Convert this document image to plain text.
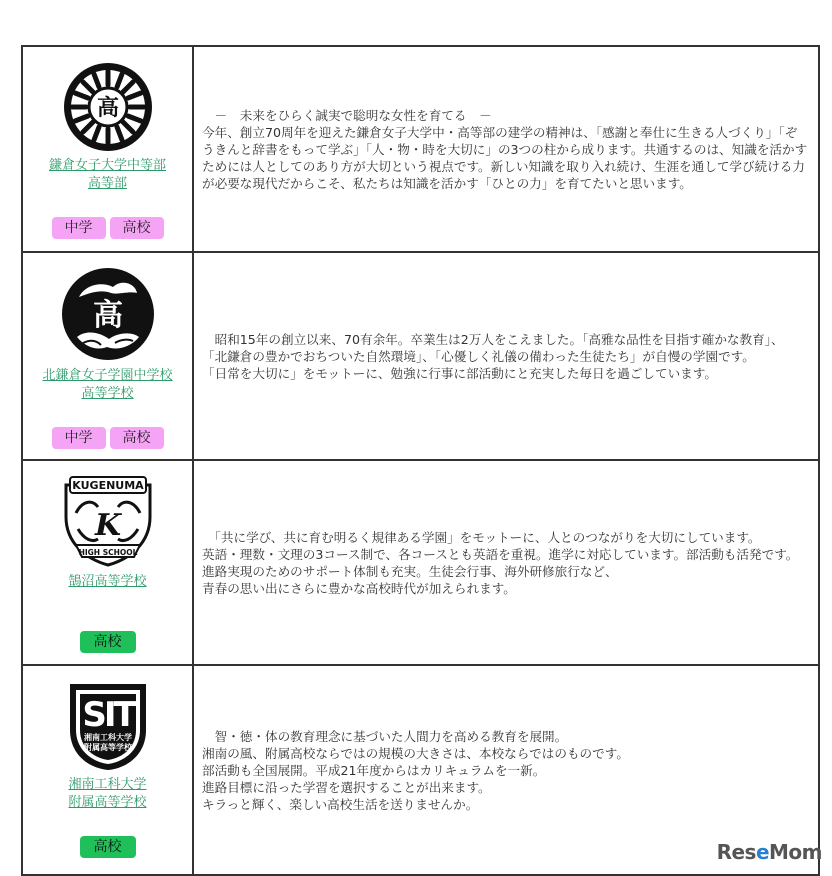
高
鎌倉女子大学中等部
高等部
中学	高校

　－　未来をひらく誠実で聡明な女性を育てる　－

今年、創立70周年を迎えた鎌倉女子大学中・高等部の建学の精神は、「感謝と奉仕に生きる人づくり」「ぞうきんと辞書をもって学ぶ」「人・物・時を大切に」の3つの柱から成ります。共通するのは、知識を活かすためには人としてのあり方が大切という視点です。新しい知識を取り入れ続け、生涯を通して学び続ける力が必要な現代だからこそ、私たちは知識を活かす「ひとの力」を育てたいと思います。

高
北鎌倉女子学園中学校
高等学校
中学	高校

　昭和15年の創立以来、70有余年。卒業生は2万人をこえました。「高雅な品性を目指す確かな教育」、

「北鎌倉の豊かでおちついた自然環境」、「心優しく礼儀の備わった生徒たち」が自慢の学園です。

「日常を大切に」をモットーに、勉強に行事に部活動にと充実した毎日を過ごしています。

KUGENUMA
K
HIGH SCHOOL
鵠沼高等学校
高校

　「共に学び、共に育む明るく規律ある学園」をモットーに、人とのつながりを大切にしています。

英語・理数・文理の3コース制で、各コースとも英語を重視。進学に対応しています。部活動も活発です。

進路実現のためのサポート体制も充実。生徒会行事、海外研修旅行など、

青春の思い出にさらに豊かな高校時代が加えられます。

SIT
湘南工科大学
附属高等学校
湘南工科大学
附属高等学校
高校

　智・徳・体の教育理念に基づいた人間力を高める教育を展開。

湘南の風、附属高校ならではの規模の大きさは、本校ならではのものです。

部活動も全国展開。平成21年度からはカリキュラムを一新。

進路目標に沿った学習を選択することが出来ます。

キラっと輝く、楽しい高校生活を送りませんか。

ReseMom
